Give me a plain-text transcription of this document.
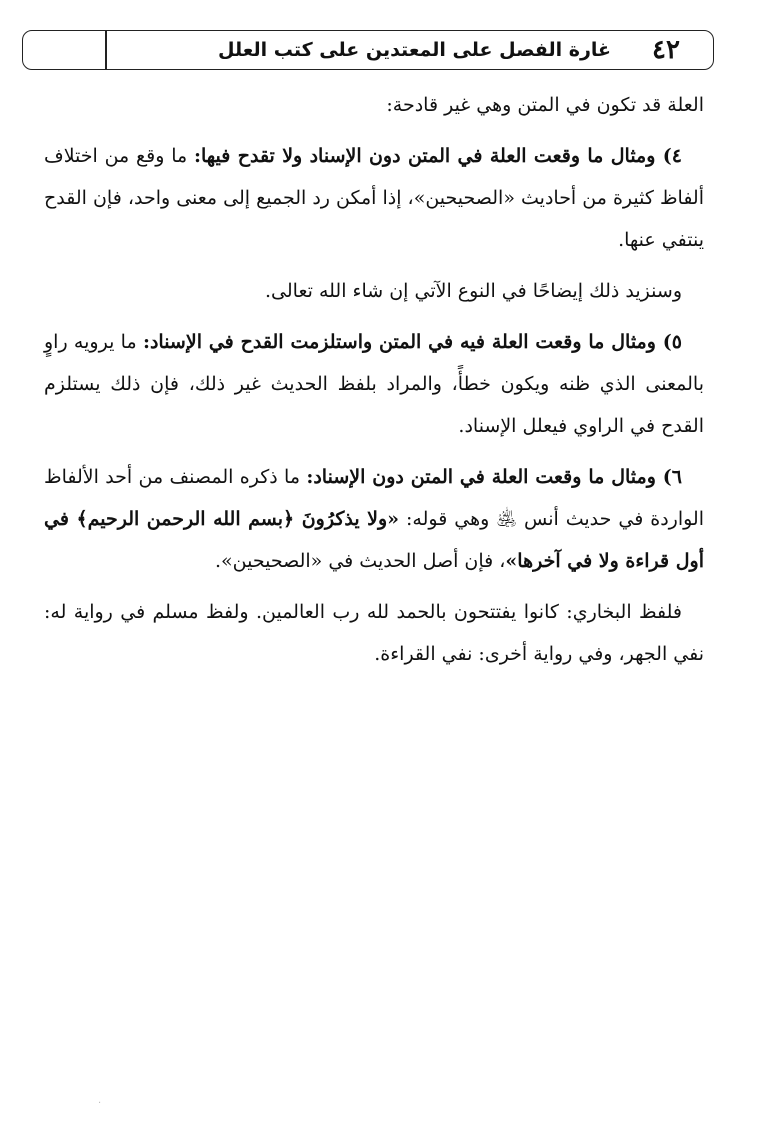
٤٢
غارة الفصل على المعتدين على كتب العلل

العلة قد تكون في المتن وهي غير قادحة:

٤) ومثال ما وقعت العلة في المتن دون الإسناد ولا تقدح فيها: ما وقع من اختلاف ألفاظ كثيرة من أحاديث «الصحيحين»، إذا أمكن رد الجميع إلى معنى واحد، فإن القدح ينتفي عنها.

وسنزيد ذلك إيضاحًا في النوع الآتي إن شاء الله تعالى.

٥) ومثال ما وقعت العلة فيه في المتن واستلزمت القدح في الإسناد: ما يرويه راوٍ بالمعنى الذي ظنه ويكون خطأً، والمراد بلفظ الحديث غير ذلك، فإن ذلك يستلزم القدح في الراوي فيعلل الإسناد.

٦) ومثال ما وقعت العلة في المتن دون الإسناد: ما ذكره المصنف من أحد الألفاظ الواردة في حديث أنس ﵁ وهي قوله: «ولا يذكرُونَ ﴿بسم الله الرحمن الرحيم﴾ في أول قراءة ولا في آخرها»، فإن أصل الحديث في «الصحيحين».

فلفظ البخاري: كانوا يفتتحون بالحمد لله رب العالمين. ولفظ مسلم في رواية له: نفي الجهر، وفي رواية أخرى: نفي القراءة.

·
